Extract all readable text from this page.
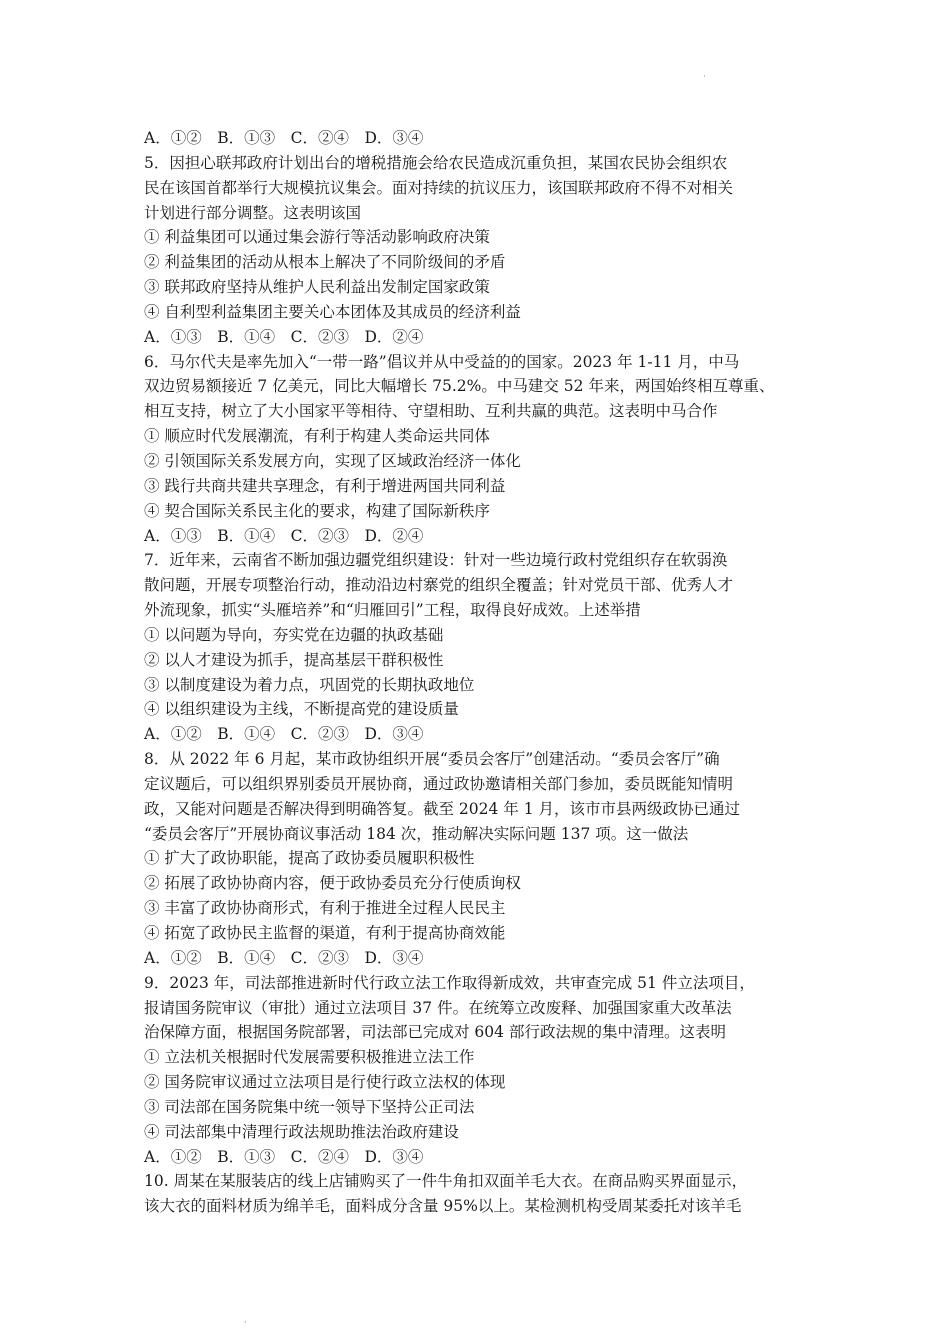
·
A．①②　B．①③　C．②④　D．③④
5．因担心联邦政府计划出台的增税措施会给农民造成沉重负担，某国农民协会组织农
民在该国首都举行大规模抗议集会。面对持续的抗议压力，该国联邦政府不得不对相关
计划进行部分调整。这表明该国
① 利益集团可以通过集会游行等活动影响政府决策
② 利益集团的活动从根本上解决了不同阶级间的矛盾
③ 联邦政府坚持从维护人民利益出发制定国家政策
④ 自利型利益集团主要关心本团体及其成员的经济利益
A．①③　B．①④　C．②③　D．②④
6．马尔代夫是率先加入“一带一路”倡议并从中受益的的国家。2023 年 1-11 月，中马
双边贸易额接近 7 亿美元，同比大幅增长 75.2%。中马建交 52 年来，两国始终相互尊重、
相互支持，树立了大小国家平等相待、守望相助、互利共赢的典范。这表明中马合作
① 顺应时代发展潮流，有利于构建人类命运共同体
② 引领国际关系发展方向，实现了区域政治经济一体化
③ 践行共商共建共享理念，有利于增进两国共同利益
④ 契合国际关系民主化的要求，构建了国际新秩序
A．①③　B．①④　C．②③　D．②④
7．近年来，云南省不断加强边疆党组织建设：针对一些边境行政村党组织存在软弱涣
散问题，开展专项整治行动，推动沿边村寨党的组织全覆盖；针对党员干部、优秀人才
外流现象，抓实“头雁培养”和“归雁回引”工程，取得良好成效。上述举措
① 以问题为导向，夯实党在边疆的执政基础
② 以人才建设为抓手，提高基层干群积极性
③ 以制度建设为着力点，巩固党的长期执政地位
④ 以组织建设为主线，不断提高党的建设质量
A．①②　B．①④　C．②③　D．③④
8．从 2022 年 6 月起，某市政协组织开展“委员会客厅”创建活动。“委员会客厅”确
定议题后，可以组织界别委员开展协商，通过政协邀请相关部门参加，委员既能知情明
政，又能对问题是否解决得到明确答复。截至 2024 年 1 月，该市市县两级政协已通过
“委员会客厅”开展协商议事活动 184 次，推动解决实际问题 137 项。这一做法
① 扩大了政协职能，提高了政协委员履职积极性
② 拓展了政协协商内容，便于政协委员充分行使质询权
③ 丰富了政协协商形式，有利于推进全过程人民民主
④ 拓宽了政协民主监督的渠道，有利于提高协商效能
A．①②　B．①④　C．②③　D．③④
9．2023 年，司法部推进新时代行政立法工作取得新成效，共审查完成 51 件立法项目，
报请国务院审议（审批）通过立法项目 37 件。在统筹立改废释、加强国家重大改革法
治保障方面，根据国务院部署，司法部已完成对 604 部行政法规的集中清理。这表明
① 立法机关根据时代发展需要积极推进立法工作
② 国务院审议通过立法项目是行使行政立法权的体现
③ 司法部在国务院集中统一领导下坚持公正司法
④ 司法部集中清理行政法规助推法治政府建设
A．①②　B．①③　C．②④　D．③④
10. 周某在某服装店的线上店铺购买了一件牛角扣双面羊毛大衣。在商品购买界面显示，
该大衣的面料材质为绵羊毛，面料成分含量 95%以上。某检测机构受周某委托对该羊毛
·
